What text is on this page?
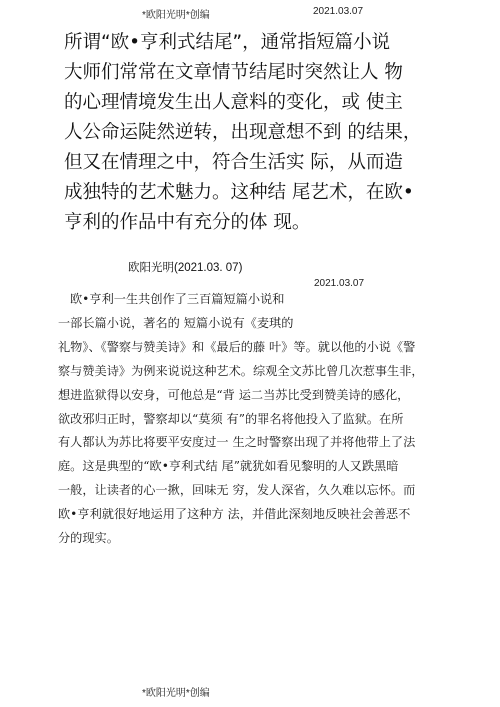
*欧阳光明*创编	2021.03.07
所谓“欧•亨利式结尾”，通常指短篇小说
大师们常常在文章情节结尾时突然让人 物
的心理情境发生出人意料的变化，或 使主
人公命运陡然逆转，出现意想不到 的结果，
但又在情理之中，符合生活实 际，从而造
成独特的艺术魅力。这种结 尾艺术，在欧•
亨利的作品中有充分的体 现。
欧阳光明(2021.03. 07)
2021.03.07
欧•亨利一生共创作了三百篇短篇小说和
一部长篇小说，著名的 短篇小说有《麦琪的
礼物》、《警察与赞美诗》和《最后的藤 叶》等。就以他的小说《警
察与赞美诗》为例来说说这种艺术。综观全文苏比曾几次惹事生非，
想进监狱得以安身，可他总是“背 运二当苏比受到赞美诗的感化，
欲改邪归正时，警察却以“莫须 有”的罪名将他投入了监狱。在所
有人都认为苏比将要平安度过一 生之时警察出现了并将他带上了法
庭。这是典型的“欧•亨利式结 尾”就犹如看见黎明的人又跌黑暗
一般，让读者的心一揪，回味无 穷，发人深省，久久难以忘怀。而
欧•亨利就很好地运用了这种方 法，并借此深刻地反映社会善恶不
分的现实。
*欧阳光明*创编
